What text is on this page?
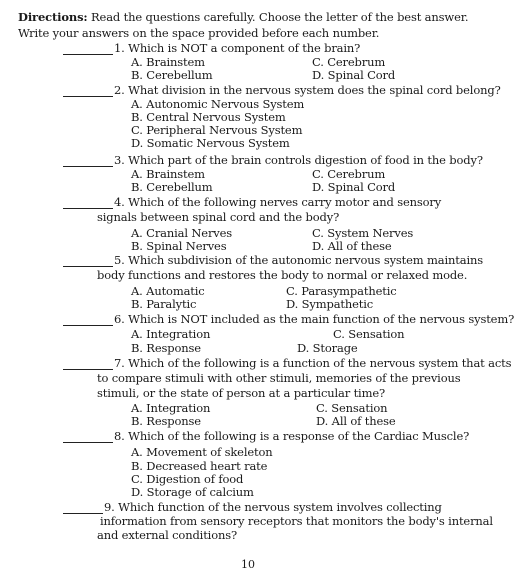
Directions: Read the questions carefully. Choose the letter of the best answer.
Write your answers on the space provided before each number.
1. Which is NOT a component of the brain?
A. Brainstem	C. Cerebrum
B. Cerebellum	D. Spinal Cord
2. What division in the nervous system does the spinal cord belong?
A. Autonomic Nervous System
B. Central Nervous System
C. Peripheral Nervous System
D. Somatic Nervous System
3. Which part of the brain controls digestion of food in the body?
A. Brainstem	C. Cerebrum
B. Cerebellum	D. Spinal Cord
4. Which of the following nerves carry motor and sensory
signals between spinal cord and the body?
A. Cranial Nerves	C. System Nerves
B. Spinal Nerves	D. All of these
5. Which subdivision of the autonomic nervous system maintains
body functions and restores the body to normal or relaxed mode.
A. Automatic	C. Parasympathetic
B. Paralytic	D. Sympathetic
6. Which is NOT included as the main function of the nervous system?
A. Integration	C. Sensation
B. Response	D. Storage
7. Which of the following is a function of the nervous system that acts
to compare stimuli with other stimuli, memories of the previous
stimuli, or the state of person at a particular time?
A. Integration	C. Sensation
B. Response	D. All of these
8. Which of the following is a response of the Cardiac Muscle?
A. Movement of skeleton
B. Decreased heart rate
C. Digestion of food
D. Storage of calcium
9. Which function of the nervous system involves collecting
information from sensory receptors that monitors the body's internal
and external conditions?
10
